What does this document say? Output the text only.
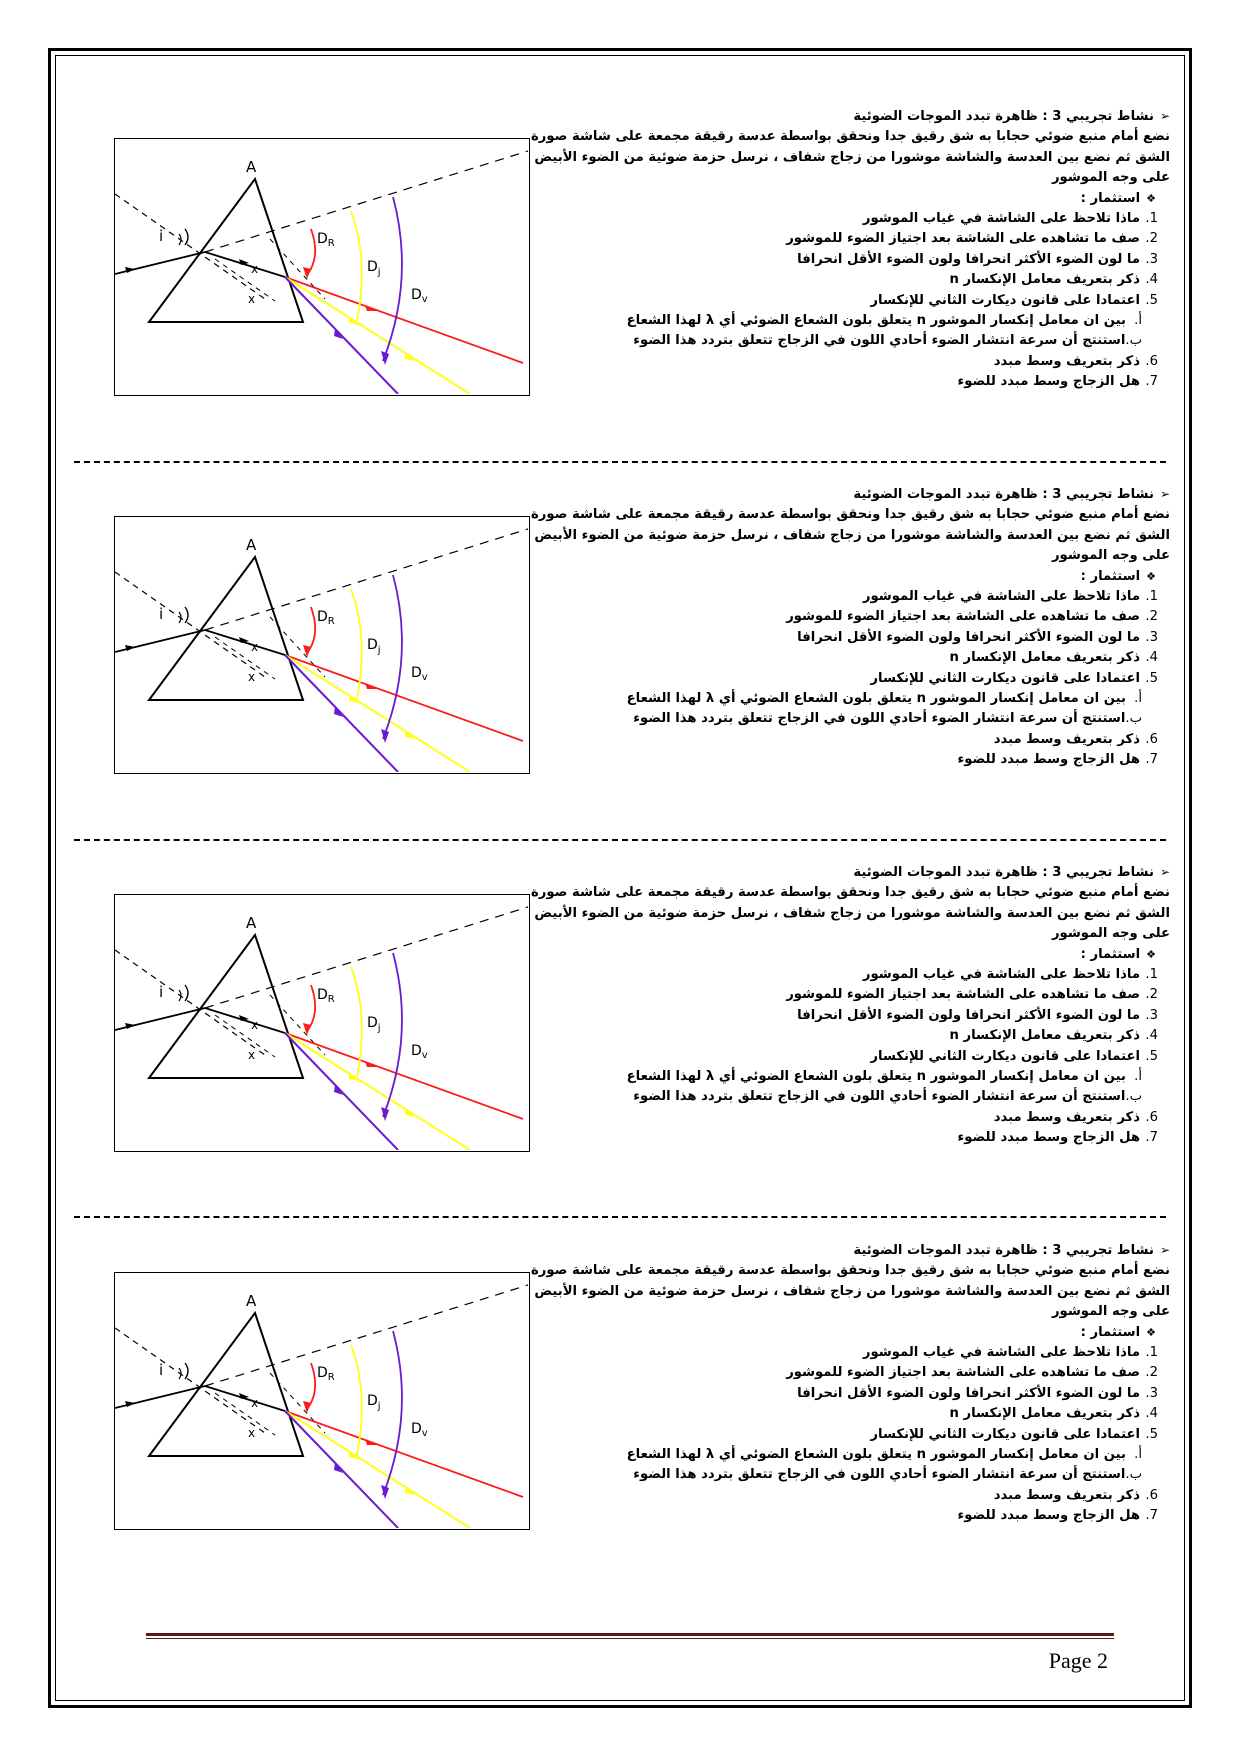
A
i	$D_R$
$D_j$
$D_v$
x
x

➢نشاط تجريبي 3 : ظاهرة تبدد الموجات الضوئية

نضع أمام منبع ضوئي حجابا به شق رقيق جدا ونحقق بواسطة عدسة رقيقة مجمعة على شاشة صورة الشق ثم نضع بين العدسة والشاشة موشورا من زجاج شفاف ، نرسل حزمة ضوئية من الضوء الأبيض على وجه الموشور

❖استثمار :

1.ماذا تلاحظ على الشاشة في غياب الموشور

2.صف ما تشاهده على الشاشة بعد اجتياز الضوء للموشور

3.ما لون الضوء الأكثر انحرافا ولون الضوء الأقل انحرافا

4.ذكر بتعريف معامل الإنكسار n

5.اعتمادا على قانون ديكارت الثاني للإنكسار

أ.بين ان معامل إنكسار الموشور n يتعلق بلون الشعاع الضوئي أي λ لهذا الشعاع

ب.استنتج أن سرعة انتشار الضوء أحادي اللون في الزجاج تتعلق بتردد هذا الضوء

6.ذكر بتعريف وسط مبدد

7.هل الزجاج وسط مبدد للضوء

A
i	$D_R$
$D_j$
$D_v$
x
x

➢نشاط تجريبي 3 : ظاهرة تبدد الموجات الضوئية

نضع أمام منبع ضوئي حجابا به شق رقيق جدا ونحقق بواسطة عدسة رقيقة مجمعة على شاشة صورة الشق ثم نضع بين العدسة والشاشة موشورا من زجاج شفاف ، نرسل حزمة ضوئية من الضوء الأبيض على وجه الموشور

❖استثمار :

1.ماذا تلاحظ على الشاشة في غياب الموشور

2.صف ما تشاهده على الشاشة بعد اجتياز الضوء للموشور

3.ما لون الضوء الأكثر انحرافا ولون الضوء الأقل انحرافا

4.ذكر بتعريف معامل الإنكسار n

5.اعتمادا على قانون ديكارت الثاني للإنكسار

أ.بين ان معامل إنكسار الموشور n يتعلق بلون الشعاع الضوئي أي λ لهذا الشعاع

ب.استنتج أن سرعة انتشار الضوء أحادي اللون في الزجاج تتعلق بتردد هذا الضوء

6.ذكر بتعريف وسط مبدد

7.هل الزجاج وسط مبدد للضوء

A
i	$D_R$
$D_j$
$D_v$
x
x

➢نشاط تجريبي 3 : ظاهرة تبدد الموجات الضوئية

نضع أمام منبع ضوئي حجابا به شق رقيق جدا ونحقق بواسطة عدسة رقيقة مجمعة على شاشة صورة الشق ثم نضع بين العدسة والشاشة موشورا من زجاج شفاف ، نرسل حزمة ضوئية من الضوء الأبيض على وجه الموشور

❖استثمار :

1.ماذا تلاحظ على الشاشة في غياب الموشور

2.صف ما تشاهده على الشاشة بعد اجتياز الضوء للموشور

3.ما لون الضوء الأكثر انحرافا ولون الضوء الأقل انحرافا

4.ذكر بتعريف معامل الإنكسار n

5.اعتمادا على قانون ديكارت الثاني للإنكسار

أ.بين ان معامل إنكسار الموشور n يتعلق بلون الشعاع الضوئي أي λ لهذا الشعاع

ب.استنتج أن سرعة انتشار الضوء أحادي اللون في الزجاج تتعلق بتردد هذا الضوء

6.ذكر بتعريف وسط مبدد

7.هل الزجاج وسط مبدد للضوء

A
i	$D_R$
$D_j$
$D_v$
x
x

➢نشاط تجريبي 3 : ظاهرة تبدد الموجات الضوئية

نضع أمام منبع ضوئي حجابا به شق رقيق جدا ونحقق بواسطة عدسة رقيقة مجمعة على شاشة صورة الشق ثم نضع بين العدسة والشاشة موشورا من زجاج شفاف ، نرسل حزمة ضوئية من الضوء الأبيض على وجه الموشور

❖استثمار :

1.ماذا تلاحظ على الشاشة في غياب الموشور

2.صف ما تشاهده على الشاشة بعد اجتياز الضوء للموشور

3.ما لون الضوء الأكثر انحرافا ولون الضوء الأقل انحرافا

4.ذكر بتعريف معامل الإنكسار n

5.اعتمادا على قانون ديكارت الثاني للإنكسار

أ.بين ان معامل إنكسار الموشور n يتعلق بلون الشعاع الضوئي أي λ لهذا الشعاع

ب.استنتج أن سرعة انتشار الضوء أحادي اللون في الزجاج تتعلق بتردد هذا الضوء

6.ذكر بتعريف وسط مبدد

7.هل الزجاج وسط مبدد للضوء

Page 2
